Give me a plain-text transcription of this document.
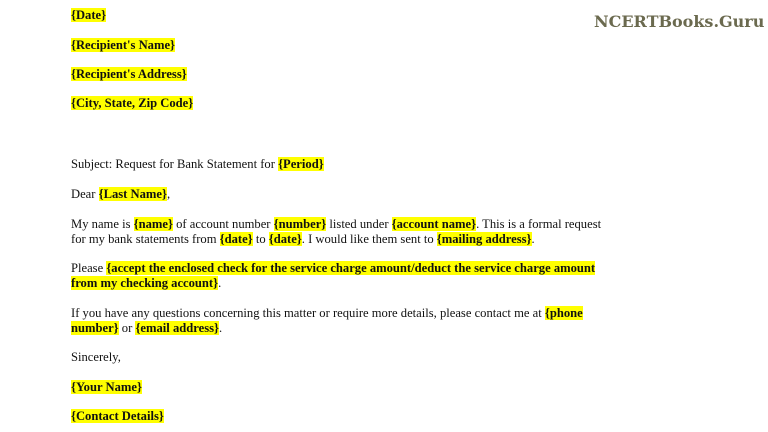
NCERTBooks.Guru
{Date}
{Recipient's Name}
{Recipient's Address}
{City, State, Zip Code}
Subject: Request for Bank Statement for {Period}
Dear {Last Name},
My name is {name} of account number {number} listed under {account name}. This is a formal request
for my bank statements from {date} to {date}. I would like them sent to {mailing address}.
Please {accept the enclosed check for the service charge amount/deduct the service charge amount
from my checking account}.
If you have any questions concerning this matter or require more details, please contact me at {phone
number} or {email address}.
Sincerely,
{Your Name}
{Contact Details}
